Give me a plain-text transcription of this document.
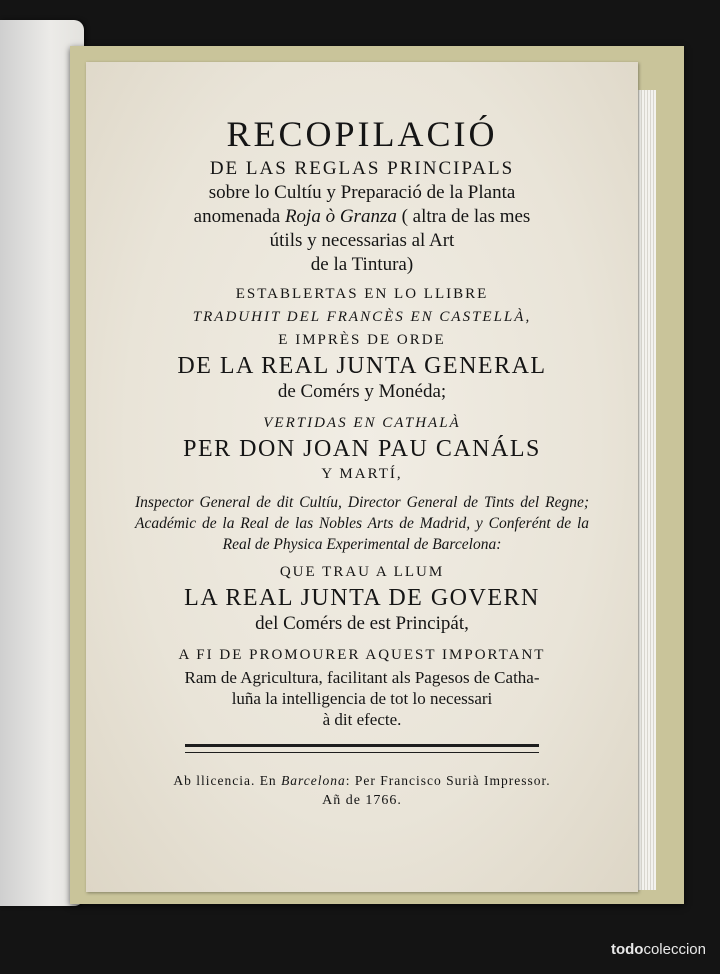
RECOPILACIÓ
DE LAS REGLAS PRINCIPALS
sobre lo Cultíu y Preparació de la Planta
anomenada Roja ò Granza ( altra de las mes
útils y necessarias al Art
de la Tintura)
ESTABLERTAS EN LO LLIBRE
TRADUHIT DEL FRANCÈS EN CASTELLÀ,
E IMPRÈS DE ORDE
DE LA REAL JUNTA GENERAL
de Comérs y Monéda;
VERTIDAS EN CATHALÀ
PER DON JOAN PAU CANÁLS
Y MARTÍ,
Inspector General de dit Cultíu, Director General de Tints del Regne; Académic de la Real de las Nobles Arts de Madrid, y Conferént de la Real de Physica Experimental de Barcelona:
QUE TRAU A LLUM
LA REAL JUNTA DE GOVERN
del Comérs de est Principát,
A FI DE PROMOURER AQUEST IMPORTANT
Ram de Agricultura, facilitant als Pagesos de Catha-
luña la intelligencia de tot lo necessari
à dit efecte.
Ab llicencia. En Barcelona: Per Francisco Surià Impressor.
Añ de 1766.
todocoleccion
